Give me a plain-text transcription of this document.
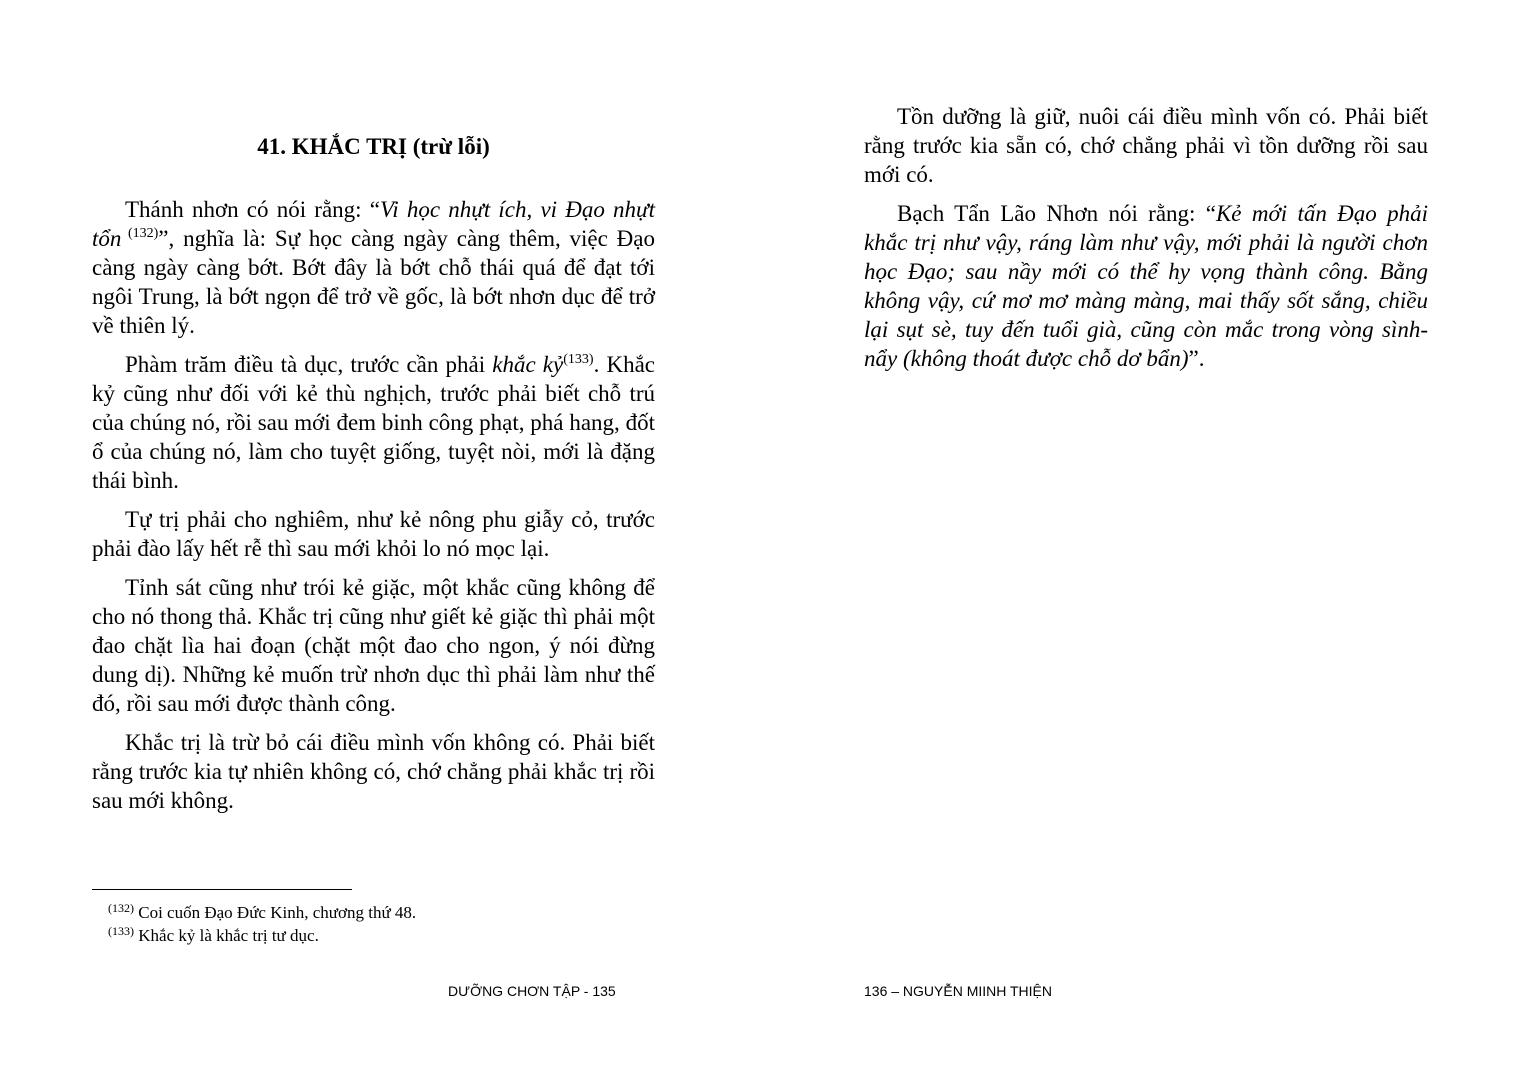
41. KHẮC TRỊ (trừ lỗi)

Thánh nhơn có nói rằng: “Vi học nhựt ích, vi Đạo nhựt tổn $^{(132)}$”, nghĩa là: Sự học càng ngày càng thêm, việc Đạo càng ngày càng bớt. Bớt đây là bớt chỗ thái quá để đạt tới ngôi Trung, là bớt ngọn để trở về gốc, là bớt nhơn dục để trở về thiên lý.

Phàm trăm điều tà dục, trước cần phải khắc kỷ$^{(133)}$. Khắc kỷ cũng như đối với kẻ thù nghịch, trước phải biết chỗ trú của chúng nó, rồi sau mới đem binh công phạt, phá hang, đốt ổ của chúng nó, làm cho tuyệt giống, tuyệt nòi, mới là đặng thái bình.

Tự trị phải cho nghiêm, như kẻ nông phu giẫy cỏ, trước phải đào lấy hết rễ thì sau mới khỏi lo nó mọc lại.

Tỉnh sát cũng như trói kẻ giặc, một khắc cũng không để cho nó thong thả. Khắc trị cũng như giết kẻ giặc thì phải một đao chặt lìa hai đoạn (chặt một đao cho ngon, ý nói đừng dung dị). Những kẻ muốn trừ nhơn dục thì phải làm như thế đó, rồi sau mới được thành công.

Khắc trị là trừ bỏ cái điều mình vốn không có. Phải biết rằng trước kia tự nhiên không có, chớ chẳng phải khắc trị rồi sau mới không.

$^{(132)}$ Coi cuốn Đạo Đức Kinh, chương thứ 48.
$^{(133)}$ Khắc kỷ là khắc trị tư dục.
DƯỠNG CHƠN TẬP - 135

Tồn dưỡng là giữ, nuôi cái điều mình vốn có. Phải biết rằng trước kia sẵn có, chớ chẳng phải vì tồn dưỡng rồi sau mới có.

Bạch Tẩn Lão Nhơn nói rằng: “Kẻ mới tấn Đạo phải khắc trị như vậy, ráng làm như vậy, mới phải là người chơn học Đạo; sau nầy mới có thể hy vọng thành công. Bằng không vậy, cứ mơ mơ màng màng, mai thấy sốt sắng, chiều lại sụt sè, tuy đến tuổi già, cũng còn mắc trong vòng sình-nẩy (không thoát được chỗ dơ bẩn)”.

136 – NGUYỄN MIINH THIỆN
